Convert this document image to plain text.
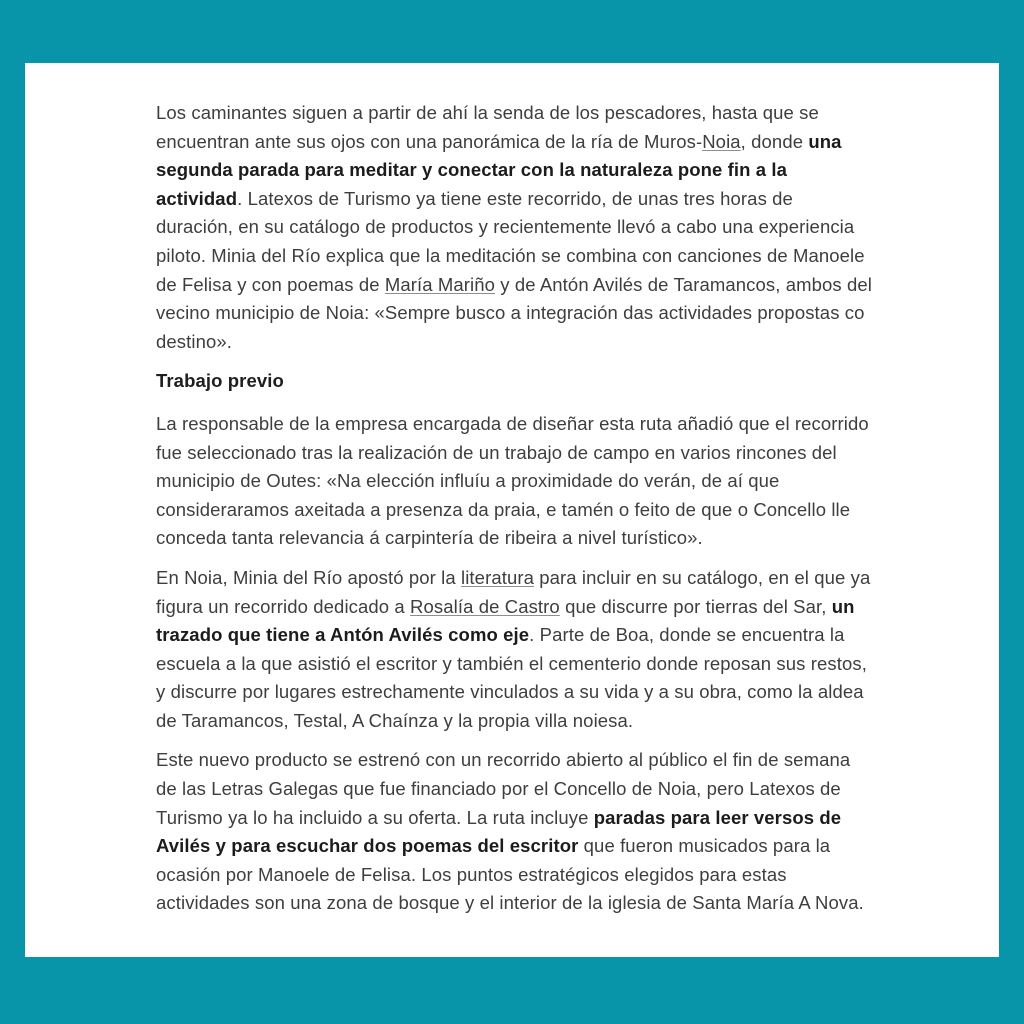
Los caminantes siguen a partir de ahí la senda de los pescadores, hasta que se encuentran ante sus ojos con una panorámica de la ría de Muros-Noia, donde una segunda parada para meditar y conectar con la naturaleza pone fin a la actividad. Latexos de Turismo ya tiene este recorrido, de unas tres horas de duración, en su catálogo de productos y recientemente llevó a cabo una experiencia piloto. Minia del Río explica que la meditación se combina con canciones de Manoele de Felisa y con poemas de María Mariño y de Antón Avilés de Taramancos, ambos del vecino municipio de Noia: «Sempre busco a integración das actividades propostas co destino».

Trabajo previo

La responsable de la empresa encargada de diseñar esta ruta añadió que el recorrido fue seleccionado tras la realización de un trabajo de campo en varios rincones del municipio de Outes: «Na elección influíu a proximidade do verán, de aí que consideraramos axeitada a presenza da praia, e tamén o feito de que o Concello lle conceda tanta relevancia á carpintería de ribeira a nivel turístico».

En Noia, Minia del Río apostó por la literatura para incluir en su catálogo, en el que ya figura un recorrido dedicado a Rosalía de Castro que discurre por tierras del Sar, un trazado que tiene a Antón Avilés como eje. Parte de Boa, donde se encuentra la escuela a la que asistió el escritor y también el cementerio donde reposan sus restos, y discurre por lugares estrechamente vinculados a su vida y a su obra, como la aldea de Taramancos, Testal, A Chaínza y la propia villa noiesa.

Este nuevo producto se estrenó con un recorrido abierto al público el fin de semana de las Letras Galegas que fue financiado por el Concello de Noia, pero Latexos de Turismo ya lo ha incluido a su oferta. La ruta incluye paradas para leer versos de Avilés y para escuchar dos poemas del escritor que fueron musicados para la ocasión por Manoele de Felisa. Los puntos estratégicos elegidos para estas actividades son una zona de bosque y el interior de la iglesia de Santa María A Nova.
